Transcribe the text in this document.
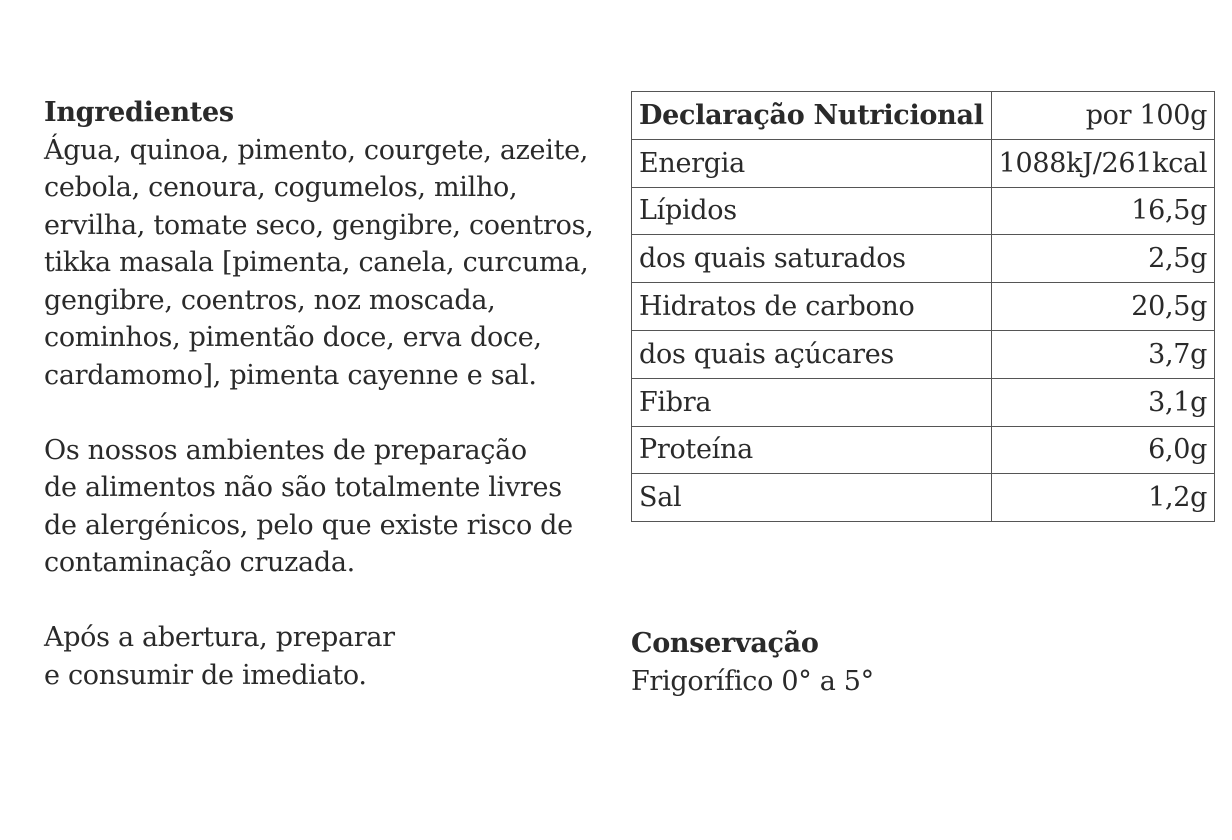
Ingredientes
Água, quinoa, pimento, courgete, azeite,
cebola, cenoura, cogumelos, milho,
ervilha, tomate seco, gengibre, coentros,
tikka masala [pimenta, canela, curcuma,
gengibre, coentros, noz moscada,
cominhos, pimentão doce, erva doce,
cardamomo], pimenta cayenne e sal.
Os nossos ambientes de preparação
de alimentos não são totalmente livres
de alergénicos, pelo que existe risco de
contaminação cruzada.
Após a abertura, preparar
e consumir de imediato.
Declaração Nutricional	por 100g
Energia	1088kJ/261kcal
Lípidos	16,5g
dos quais saturados	2,5g
Hidratos de carbono	20,5g
dos quais açúcares	3,7g
Fibra	3,1g
Proteína	6,0g
Sal	1,2g
Conservação
Frigorífico 0° a 5°
